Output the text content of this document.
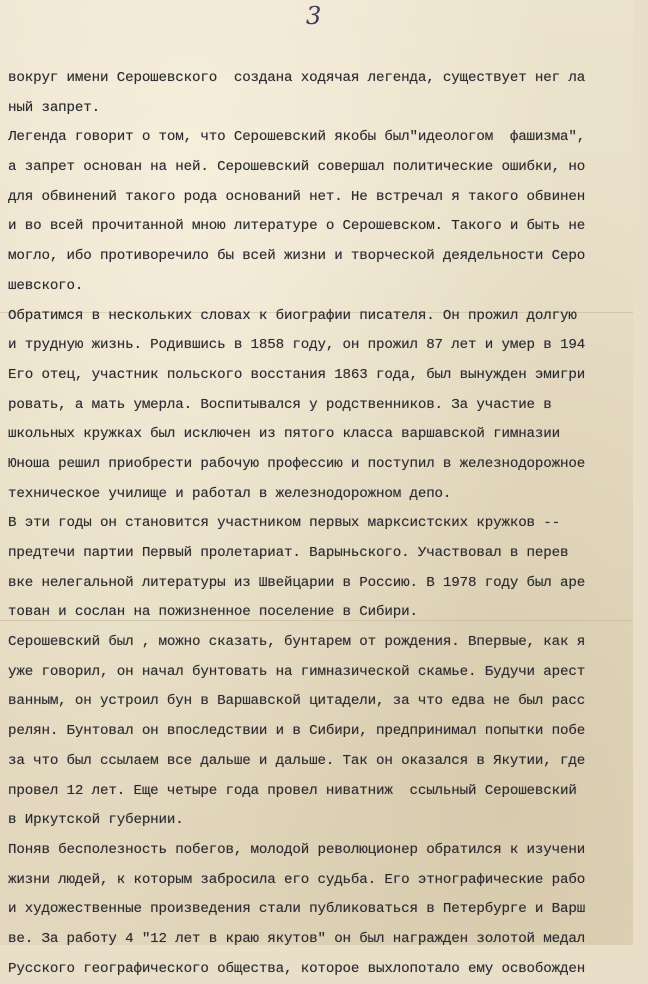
3

вокруг имени Серошевского  создана ходячая легенда, существует нег ла
ный запрет.
Легенда говорит о том, что Серошевский якобы был"идеологом  фашизма",
а запрет основан на ней. Серошевский совершал политические ошибки, но
для обвинений такого рода оснований нет. Не встречал я такого обвинен
и во всей прочитанной мною литературе о Серошевском. Такого и быть не
могло, ибо противоречило бы всей жизни и творческой деядельности Серо
шевского.
Обратимся в нескольких словах к биографии писателя. Он прожил долгую
и трудную жизнь. Родившись в 1858 году, он прожил 87 лет и умер в 194
Его отец, участник польского восстания 1863 года, был вынужден эмигри
ровать, а мать умерла. Воспитывался у родственников. За участие в
школьных кружках был исключен из пятого класса варшавской гимназии
Юноша решил приобрести рабочую профессию и поступил в железнодорожное
техническое училище и работал в железнодорожном депо.
В эти годы он становится участником первых марксистских кружков --
предтечи партии Первый пролетариат. Варыньского. Участвовал в перев
вке нелегальной литературы из Швейцарии в Россию. В 1978 году был аре
тован и сослан на пожизненное поселение в Сибири.
Серошевский был , можно сказать, бунтарем от рождения. Впервые, как я
уже говорил, он начал бунтовать на гимназической скамье. Будучи арест
ванным, он устроил бун в Варшавской цитадели, за что едва не был расс
релян. Бунтовал он впоследствии и в Сибири, предпринимал попытки побе
за что был ссылаем все дальше и дальше. Так он оказался в Якутии, где
провел 12 лет. Еще четыре года провел ниватниж  ссыльный Серошевский
в Иркутской губернии.
Поняв бесполезность побегов, молодой революционер обратился к изучени
жизни людей, к которым забросила его судьба. Его этнографические рабо
и художественные произведения стали публиковаться в Петербурге и Варш
ве. За работу 4 "12 лет в краю якутов" он был награжден золотой медал
Русского географического общества, которое выхлопотало ему освобожден
